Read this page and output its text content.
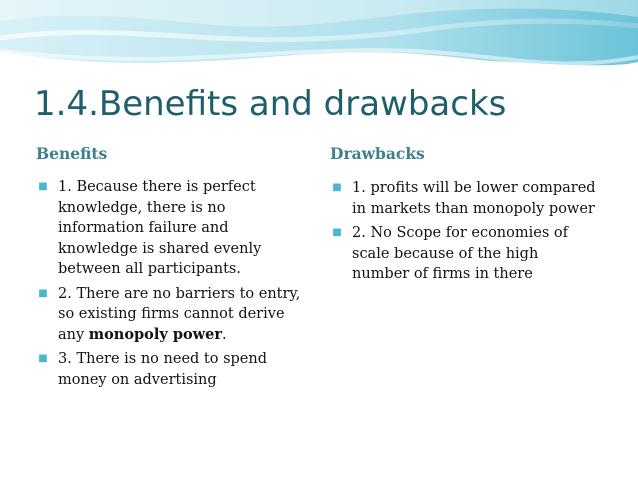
1.4.Benefits and drawbacks
Benefits	Drawbacks
■ 1. Because there is perfect knowledge, there is no information failure and knowledge is shared evenly between all participants.
■ 2. There are no barriers to entry, so existing firms cannot derive any monopoly power.
■ 3. There is no need to spend money on advertising
■ 1. profits will be lower compared in markets than monopoly power
■ 2. No Scope for economies of scale because of the high number of firms in there
